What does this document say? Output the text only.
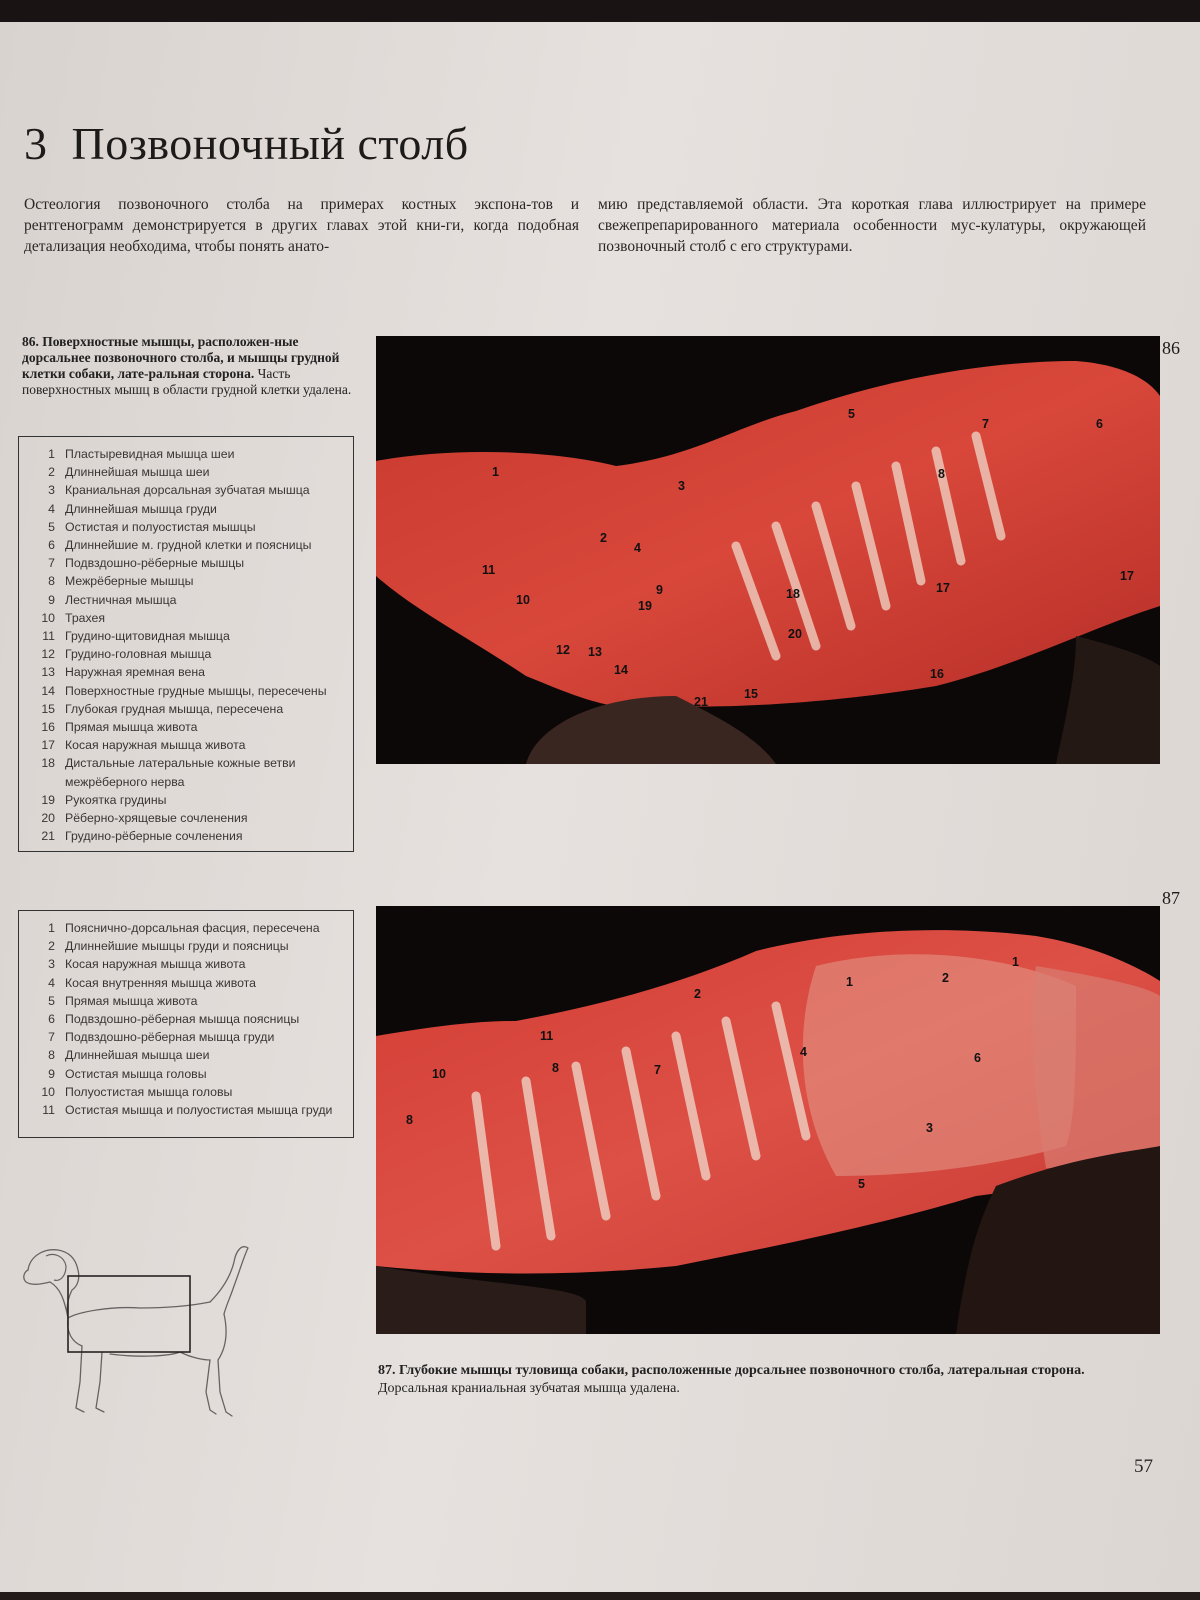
3 Позвоночный столб
Остеология позвоночного столба на примерах костных экспона-тов и рентгенограмм демонстрируется в других главах этой кни-ги, когда подобная детализация необходима, чтобы понять анато-
мию представляемой области. Эта короткая глава иллюстрирует на примере свежепрепарированного материала особенности мус-кулатуры, окружающей позвоночный столб с его структурами.
86. Поверхностные мышцы, расположен-ные дорсальнее позвоночного столба, и мышцы грудной клетки собаки, лате-ральная сторона. Часть поверхностных мышц в области грудной клетки удалена.
1 Пластыревидная мышца шеи
2 Длиннейшая мышца шеи
3 Краниальная дорсальная зубчатая мышца
4 Длиннейшая мышца груди
5 Остистая и полуостистая мышцы
6 Длиннейшие м. грудной клетки и поясницы
7 Подвздошно-рёберные мышцы
8 Межрёберные мышцы
9 Лестничная мышца
10 Трахея
11 Грудино-щитовидная мышца
12 Грудино-головная мышца
13 Наружная яремная вена
14 Поверхностные грудные мышцы, пересечены
15 Глубокая грудная мышца, пересечена
16 Прямая мышца живота
17 Косая наружная мышца живота
18 Дистальные латеральные кожные ветви межрёберного нерва
19 Рукоятка грудины
20 Рёберно-хрящевые сочленения
21 Грудино-рёберные сочленения
86
1
2
3
4
5
6
7
8
9
10
11
12 13
14
15
16
17
17
18
19
20
21
1 Пояснично-дорсальная фасция, пересечена
2 Длиннейшие мышцы груди и поясницы
3 Косая наружная мышца живота
4 Косая внутренняя мышца живота
5 Прямая мышца живота
6 Подвздошно-рёберная мышца поясницы
7 Подвздошно-рёберная мышца груди
8 Длиннейшая мышца шеи
9 Остистая мышца головы
10 Полуостистая мышца головы
11 Остистая мышца и полуостистая мышца груди
87
1
1
2
2
3
4
5
6
7
8
8
10
11
87. Глубокие мышцы туловища собаки, расположенные дорсальнее позвоночного столба, латеральная сторона. Дорсальная краниальная зубчатая мышца удалена.
57
